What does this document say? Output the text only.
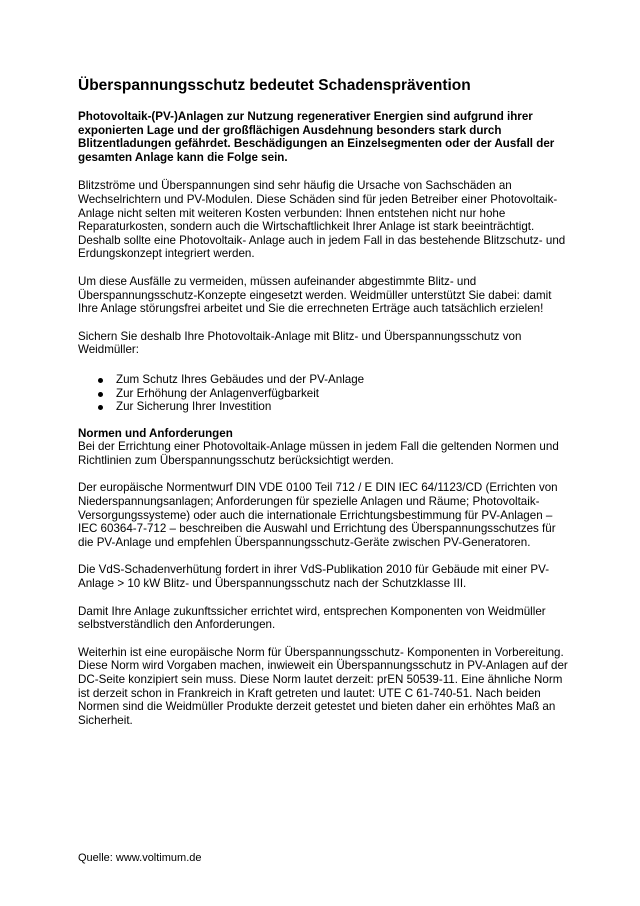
Überspannungsschutz bedeutet Schadensprävention

Photovoltaik-(PV-)Anlagen zur Nutzung regenerativer Energien sind aufgrund ihrer exponierten Lage und der großflächigen Ausdehnung besonders stark durch Blitzentladungen gefährdet. Beschädigungen an Einzelsegmenten oder der Ausfall der gesamten Anlage kann die Folge sein.

Blitzströme und Überspannungen sind sehr häufig die Ursache von Sachschäden an Wechselrichtern und PV-Modulen. Diese Schäden sind für jeden Betreiber einer Photovoltaik-Anlage nicht selten mit weiteren Kosten verbunden: Ihnen entstehen nicht nur hohe Reparaturkosten, sondern auch die Wirtschaftlichkeit Ihrer Anlage ist stark beeinträchtigt. Deshalb sollte eine Photovoltaik- Anlage auch in jedem Fall in das bestehende Blitzschutz- und Erdungskonzept integriert werden.

Um diese Ausfälle zu vermeiden, müssen aufeinander abgestimmte Blitz- und Überspannungsschutz-Konzepte eingesetzt werden. Weidmüller unterstützt Sie dabei: damit Ihre Anlage störungsfrei arbeitet und Sie die errechneten Erträge auch tatsächlich erzielen!

Sichern Sie deshalb Ihre Photovoltaik-Anlage mit Blitz- und Überspannungsschutz von Weidmüller:

Zum Schutz Ihres Gebäudes und der PV-Anlage
Zur Erhöhung der Anlagenverfügbarkeit
Zur Sicherung Ihrer Investition
Normen und Anforderungen

Bei der Errichtung einer Photovoltaik-Anlage müssen in jedem Fall die geltenden Normen und Richtlinien zum Überspannungsschutz berücksichtigt werden.

Der europäische Normentwurf DIN VDE 0100 Teil 712 / E DIN IEC 64/1123/CD (Errichten von Niederspannungsanlagen; Anforderungen für spezielle Anlagen und Räume; Photovoltaik- Versorgungssysteme) oder auch die internationale Errichtungsbestimmung für PV-Anlagen – IEC 60364-7-712 – beschreiben die Auswahl und Errichtung des Überspannungsschutzes für die PV-Anlage und empfehlen Überspannungsschutz-Geräte zwischen PV-Generatoren.

Die VdS-Schadenverhütung fordert in ihrer VdS-Publikation 2010 für Gebäude mit einer PV-Anlage > 10 kW Blitz- und Überspannungsschutz nach der Schutzklasse III.

Damit Ihre Anlage zukunftssicher errichtet wird, entsprechen Komponenten von Weidmüller selbstverständlich den Anforderungen.

Weiterhin ist eine europäische Norm für Überspannungsschutz- Komponenten in Vorbereitung. Diese Norm wird Vorgaben machen, inwieweit ein Überspannungsschutz in PV-Anlagen auf der DC-Seite konzipiert sein muss. Diese Norm lautet derzeit: prEN 50539-11. Eine ähnliche Norm ist derzeit schon in Frankreich in Kraft getreten und lautet: UTE C 61-740-51. Nach beiden Normen sind die Weidmüller Produkte derzeit getestet und bieten daher ein erhöhtes Maß an Sicherheit.

Quelle: www.voltimum.de
